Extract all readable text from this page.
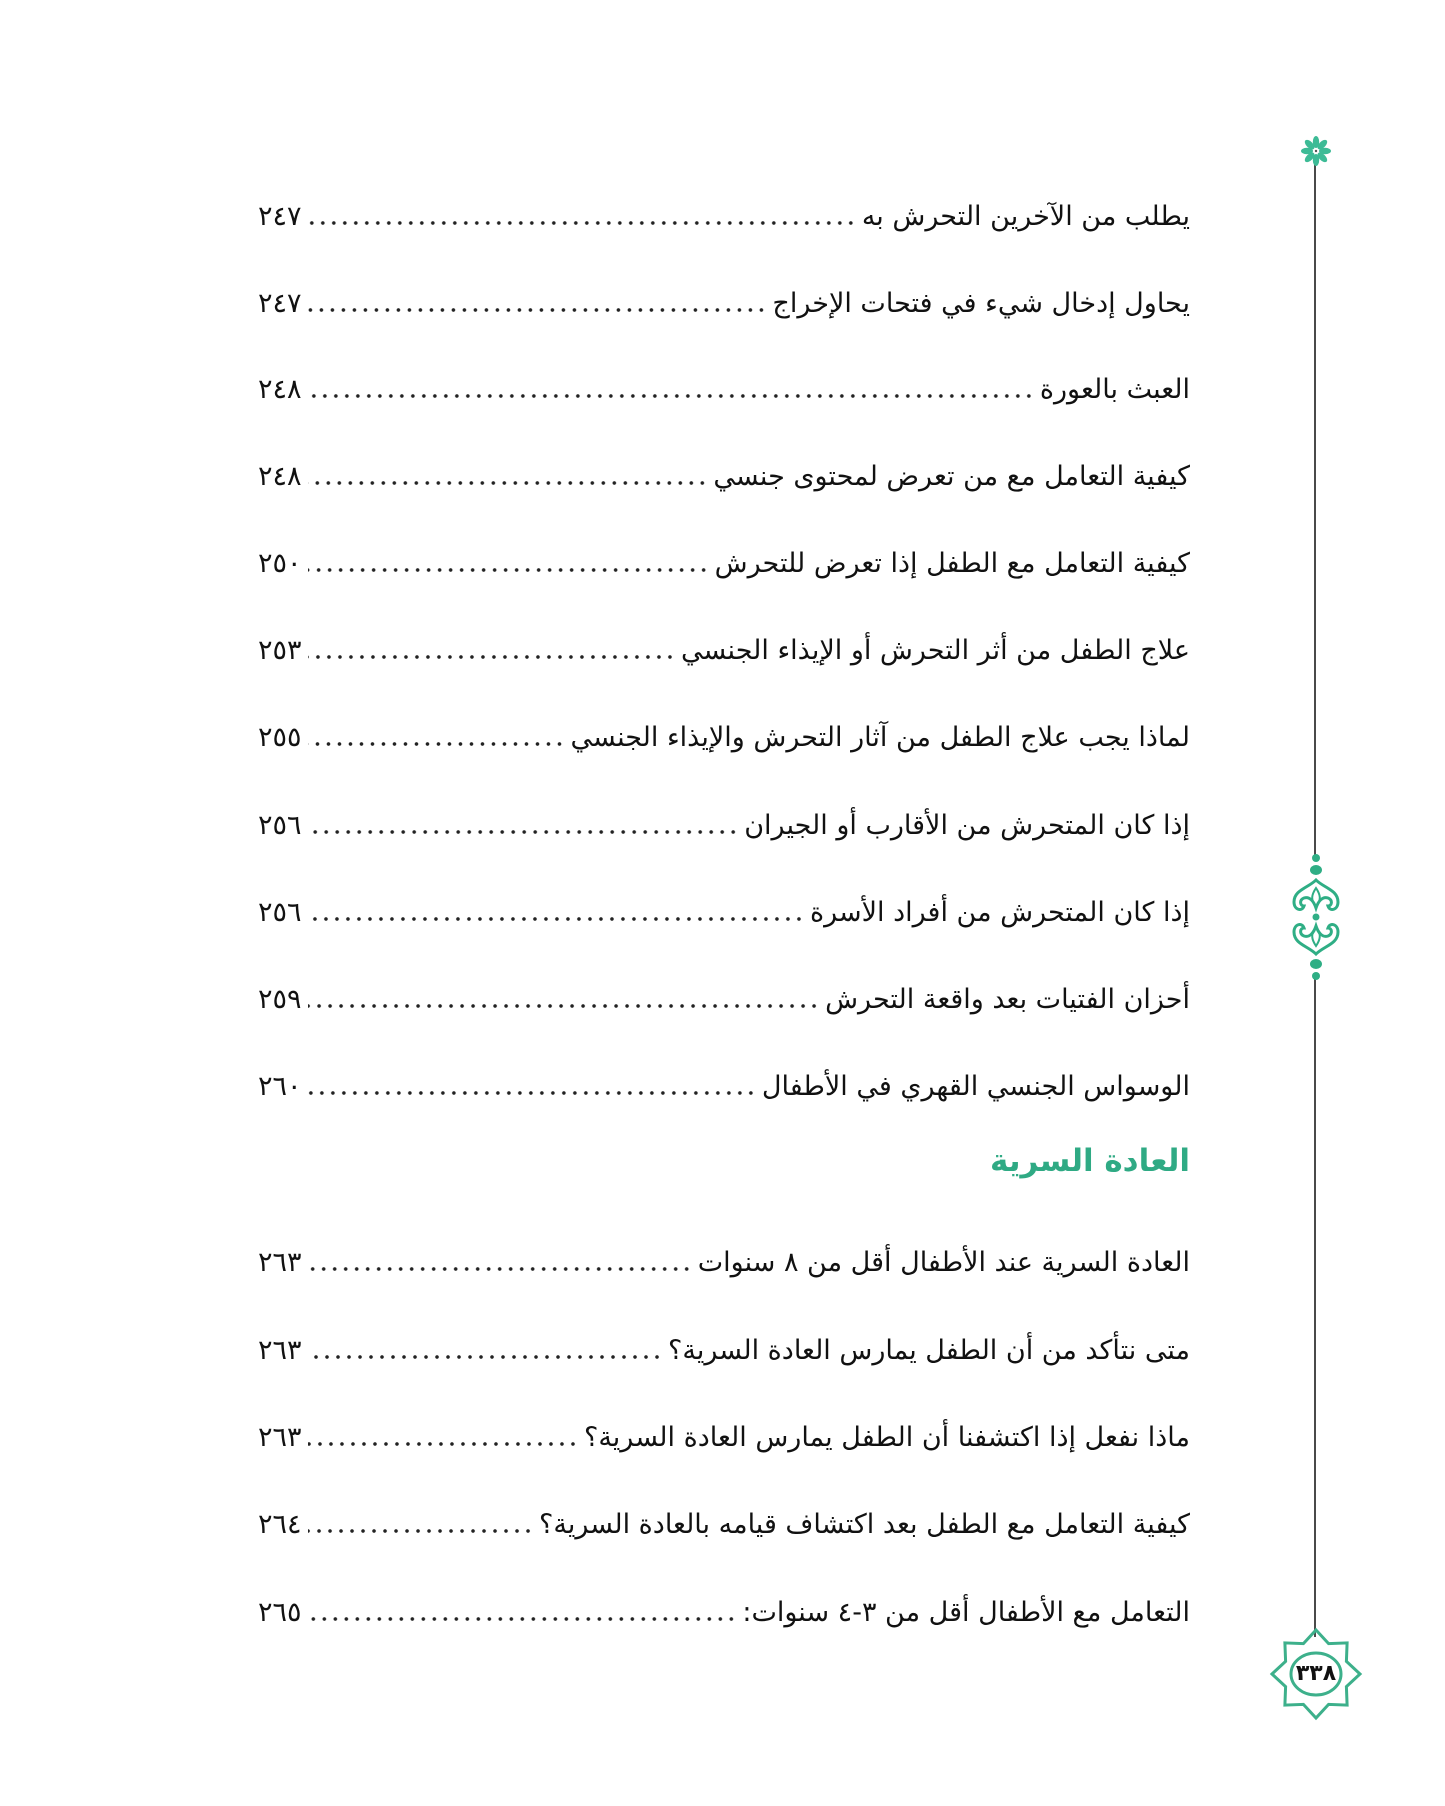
يطلب من الآخرين التحرش به
٢٤٧
يحاول إدخال شيء في فتحات الإخراج
٢٤٧
العبث بالعورة
٢٤٨
كيفية التعامل مع من تعرض لمحتوى جنسي
٢٤٨
كيفية التعامل مع الطفل إذا تعرض للتحرش
٢٥٠
علاج الطفل من أثر التحرش أو الإيذاء الجنسي
٢٥٣
لماذا يجب علاج الطفل من آثار التحرش والإيذاء الجنسي
٢٥٥
إذا كان المتحرش من الأقارب أو الجيران
٢٥٦
إذا كان المتحرش من أفراد الأسرة
٢٥٦
أحزان الفتيات بعد واقعة التحرش
٢٥٩
الوسواس الجنسي القهري في الأطفال
٢٦٠
العادة السرية
العادة السرية عند الأطفال أقل من ٨ سنوات
٢٦٣
متى نتأكد من أن الطفل يمارس العادة السرية؟
٢٦٣
ماذا نفعل إذا اكتشفنا أن الطفل يمارس العادة السرية؟
٢٦٣
كيفية التعامل مع الطفل بعد اكتشاف قيامه بالعادة السرية؟
٢٦٤
التعامل مع الأطفال أقل من ٣-٤ سنوات:
٢٦٥
٣٣٨
